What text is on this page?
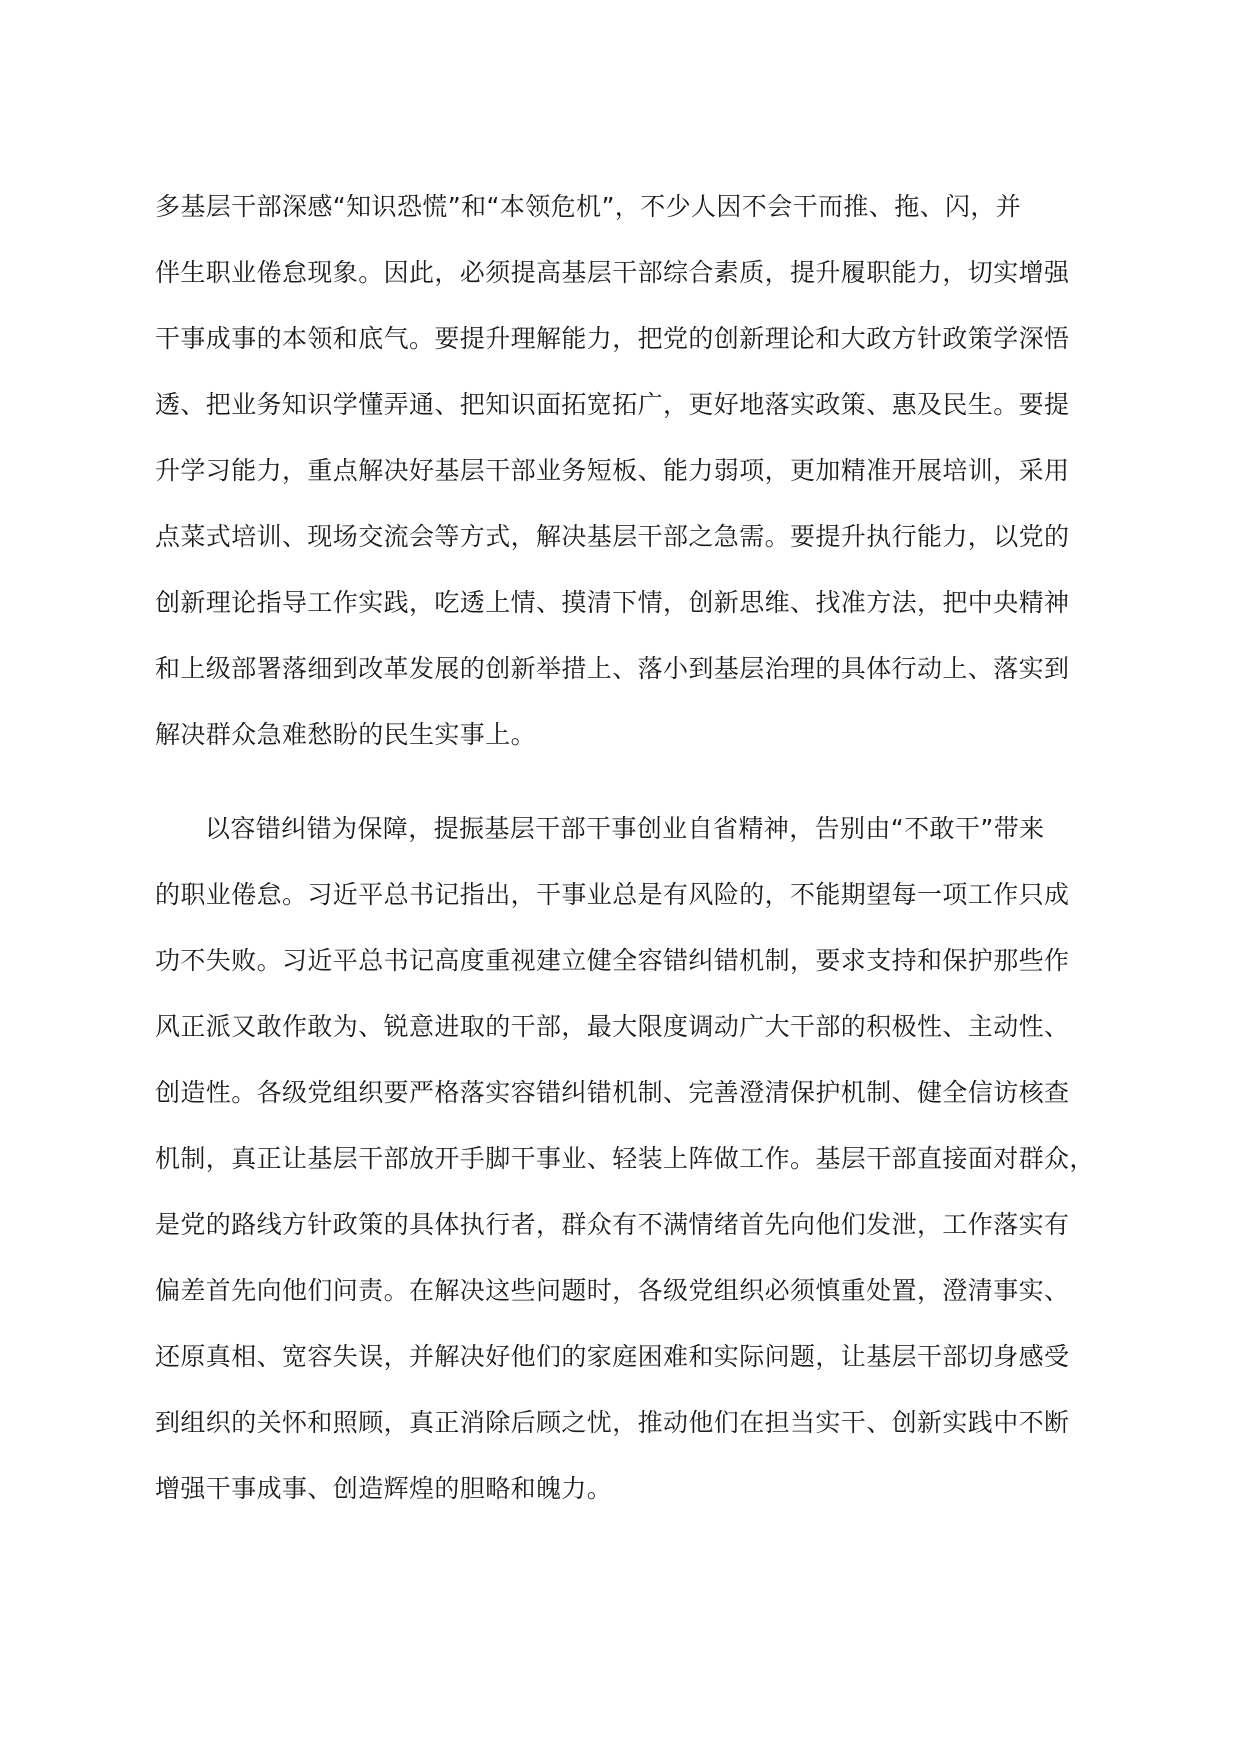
多基层干部深感“知识恐慌”和“本领危机”，不少人因不会干而推、拖、闪，并
伴生职业倦怠现象。因此，必须提高基层干部综合素质，提升履职能力，切实增强
干事成事的本领和底气。要提升理解能力，把党的创新理论和大政方针政策学深悟
透、把业务知识学懂弄通、把知识面拓宽拓广，更好地落实政策、惠及民生。要提
升学习能力，重点解决好基层干部业务短板、能力弱项，更加精准开展培训，采用
点菜式培训、现场交流会等方式，解决基层干部之急需。要提升执行能力，以党的
创新理论指导工作实践，吃透上情、摸清下情，创新思维、找准方法，把中央精神
和上级部署落细到改革发展的创新举措上、落小到基层治理的具体行动上、落实到
解决群众急难愁盼的民生实事上。
以容错纠错为保障，提振基层干部干事创业自省精神，告别由“不敢干”带来
的职业倦怠。习近平总书记指出，干事业总是有风险的，不能期望每一项工作只成
功不失败。习近平总书记高度重视建立健全容错纠错机制，要求支持和保护那些作
风正派又敢作敢为、锐意进取的干部，最大限度调动广大干部的积极性、主动性、
创造性。各级党组织要严格落实容错纠错机制、完善澄清保护机制、健全信访核查
机制，真正让基层干部放开手脚干事业、轻装上阵做工作。基层干部直接面对群众，
是党的路线方针政策的具体执行者，群众有不满情绪首先向他们发泄，工作落实有
偏差首先向他们问责。在解决这些问题时，各级党组织必须慎重处置，澄清事实、
还原真相、宽容失误，并解决好他们的家庭困难和实际问题，让基层干部切身感受
到组织的关怀和照顾，真正消除后顾之忧，推动他们在担当实干、创新实践中不断
增强干事成事、创造辉煌的胆略和魄力。
